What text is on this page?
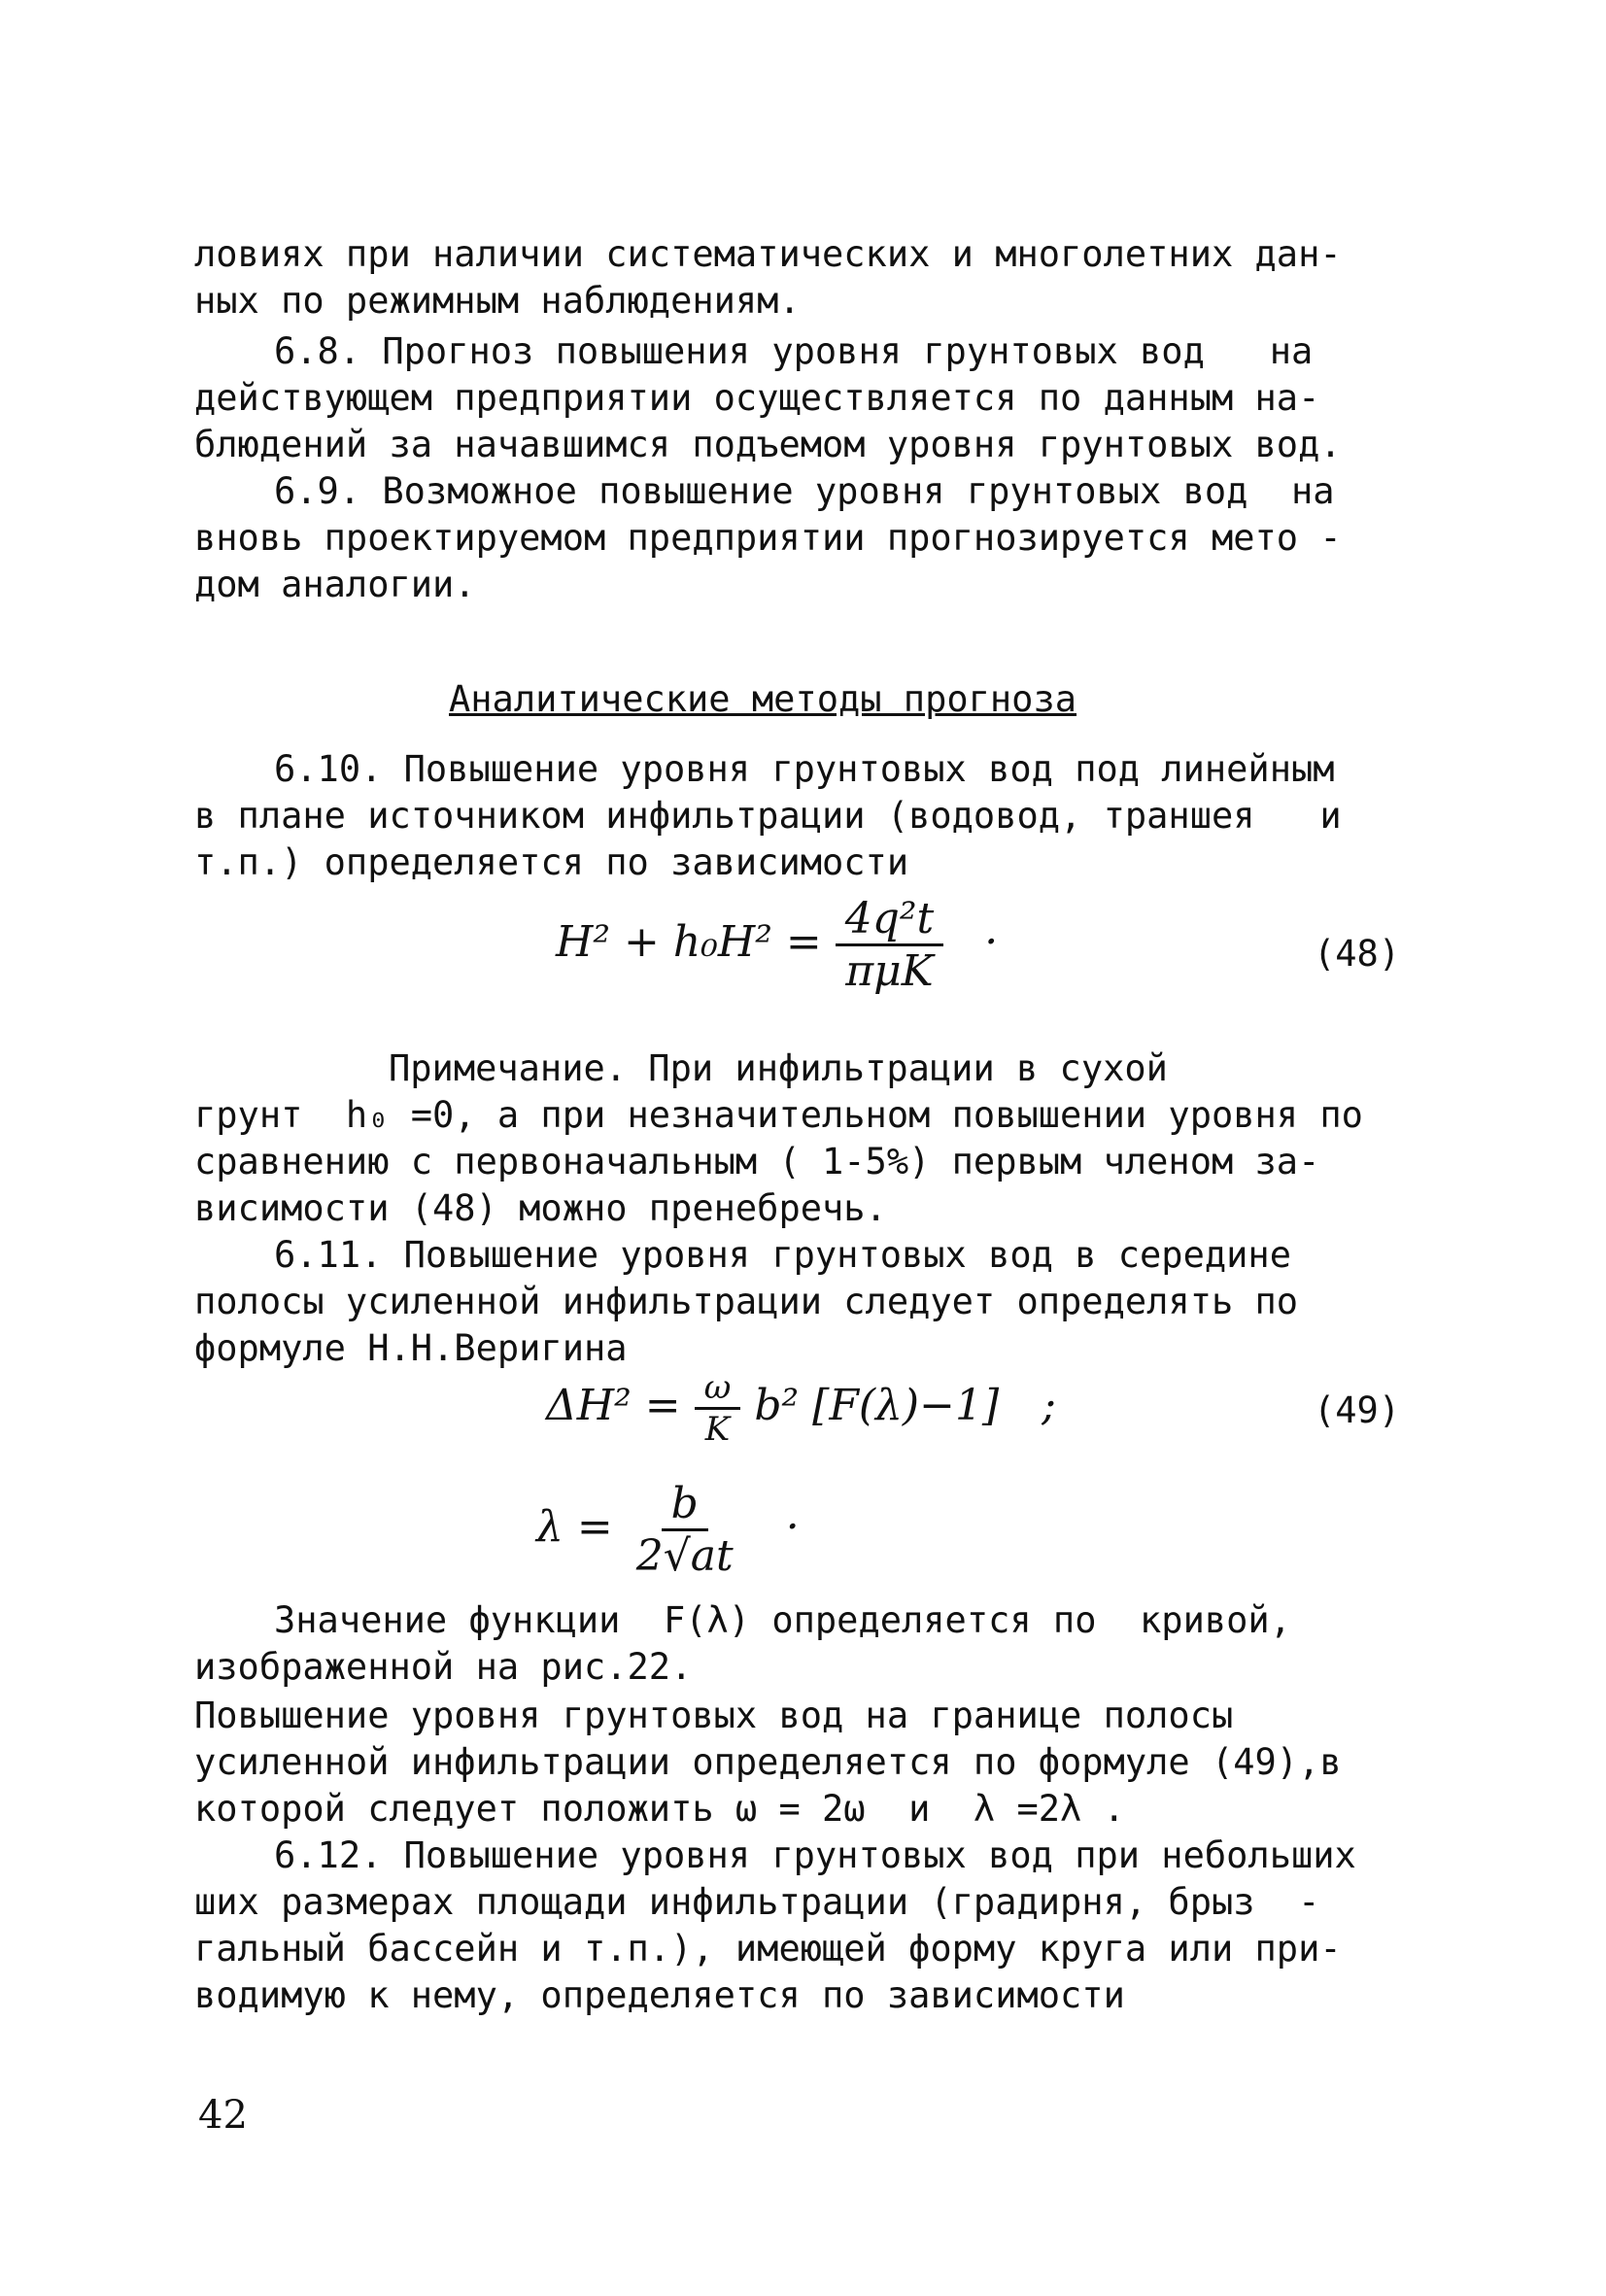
ловиях при наличии систематических и многолетних дан-
ных по режимным наблюдениям.

6.8. Прогноз повышения уровня грунтовых вод   на
действующем предприятии осуществляется по данным на-
блюдений за начавшимся подъемом уровня грунтовых вод.

6.9. Возможное повышение уровня грунтовых вод  на
вновь проектируемом предприятии прогнозируется мето -
дом аналогии.

Аналитические методы прогноза

6.10. Повышение уровня грунтовых вод под линейным
в плане источником инфильтрации (водовод, траншея   и
т.п.) определяется по зависимости

$H^2 + h_0H^2 = \frac{\text{4q²t}}{\text{πμK}}$ ·	(48)

Примечание. При инфильтрации в сухой
грунт  h₀ =0, а при незначительном повышении уровня по
сравнению с первоначальным ( 1-5%) первым членом за-
висимости (48) можно пренебречь.

6.11. Повышение уровня грунтовых вод в середине
полосы усиленной инфильтрации следует определять по
формуле Н.Н.Веригина

$\Delta H^2 = \frac{\omega}{K} b^2$ [F(λ)−1] ;	(49)
$\lambda = \frac{b}{2√at}$ ·

Значение функции  F(λ) определяется по  кривой,
изображенной на рис.22.

Повышение уровня грунтовых вод на границе полосы
усиленной инфильтрации определяется по формуле (49),в
которой следует положить ω = 2ω  и  λ =2λ .

6.12. Повышение уровня грунтовых вод при небольших
ших размерах площади инфильтрации (градирня, брыз  -
гальный бассейн и т.п.), имеющей форму круга или при-
водимую к нему, определяется по зависимости

42
